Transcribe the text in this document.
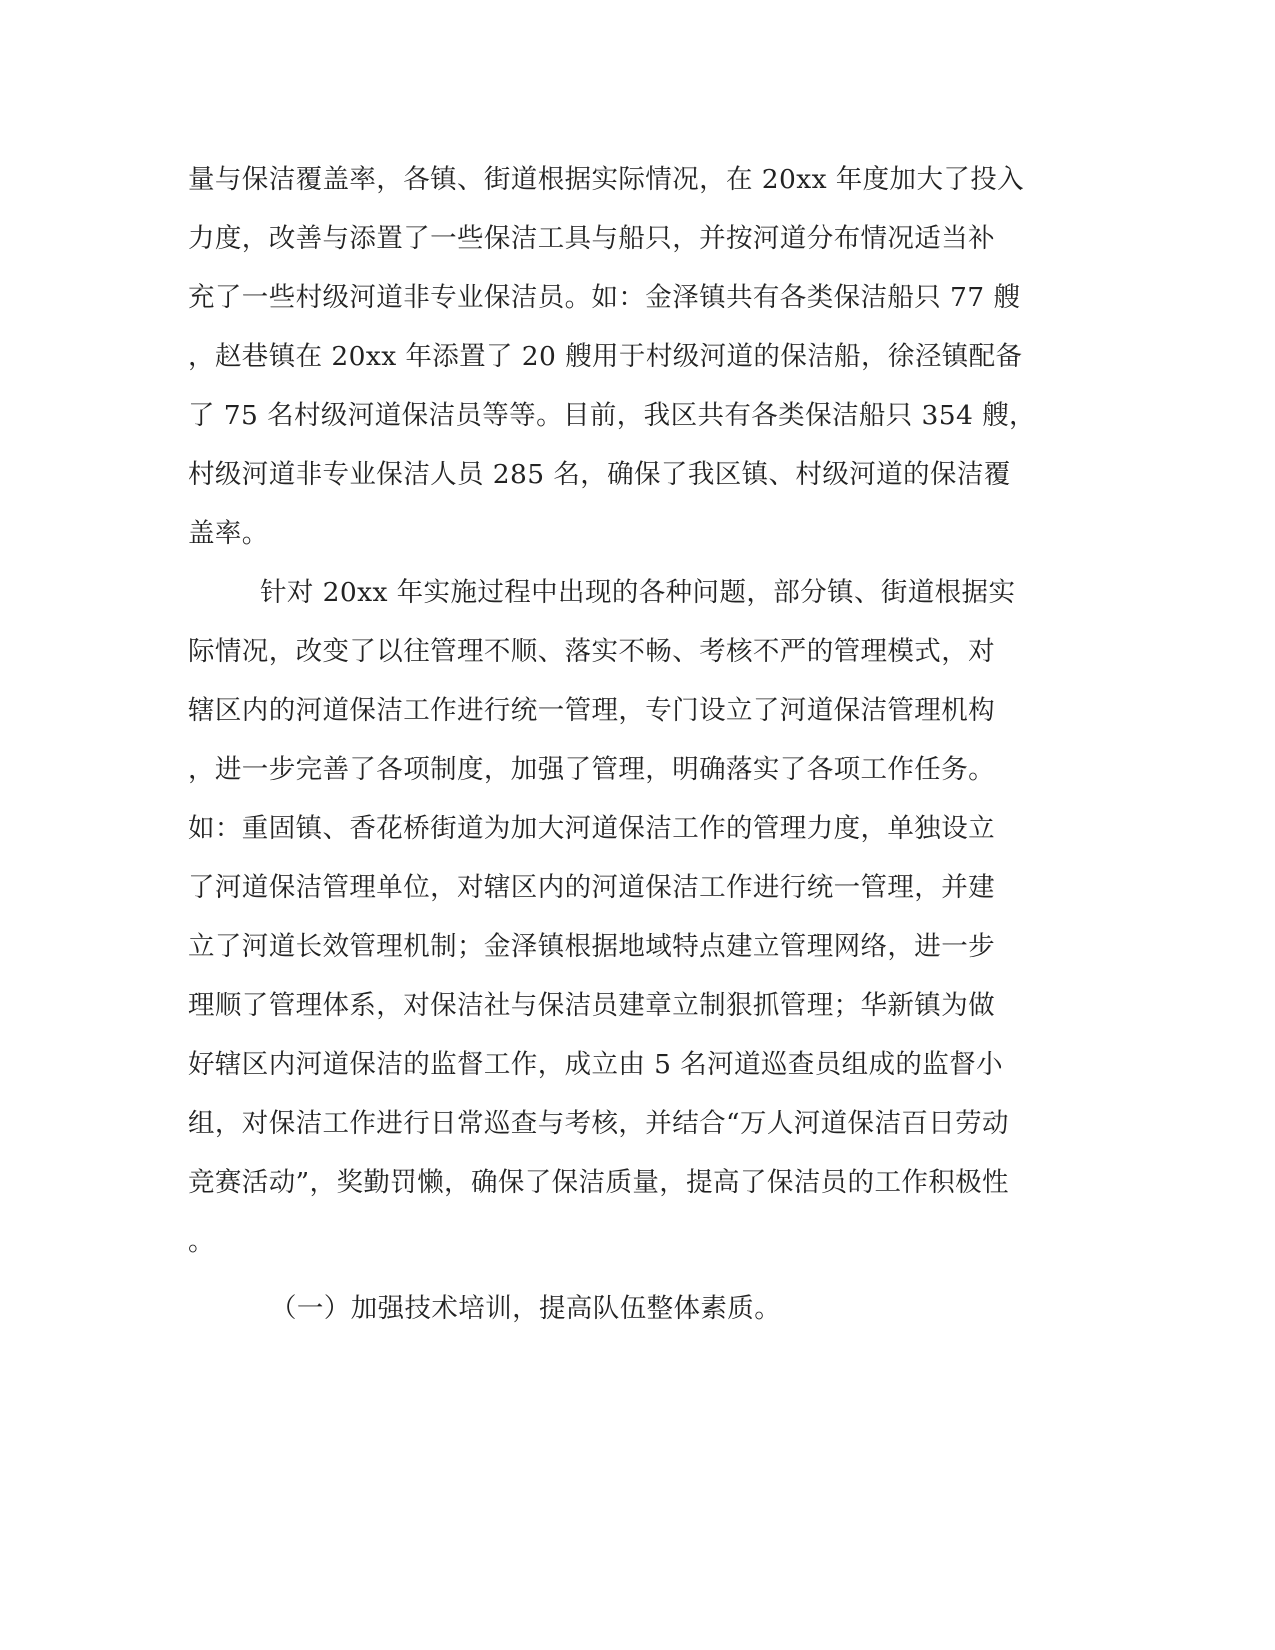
量与保洁覆盖率，各镇、街道根据实际情况，在 20xx 年度加大了投入
力度，改善与添置了一些保洁工具与船只，并按河道分布情况适当补
充了一些村级河道非专业保洁员。如：金泽镇共有各类保洁船只 77 艘
，赵巷镇在 20xx 年添置了 20 艘用于村级河道的保洁船，徐泾镇配备
了 75 名村级河道保洁员等等。目前，我区共有各类保洁船只 354 艘，
村级河道非专业保洁人员 285 名，确保了我区镇、村级河道的保洁覆
盖率。
针对 20xx 年实施过程中出现的各种问题，部分镇、街道根据实
际情况，改变了以往管理不顺、落实不畅、考核不严的管理模式，对
辖区内的河道保洁工作进行统一管理，专门设立了河道保洁管理机构
，进一步完善了各项制度，加强了管理，明确落实了各项工作任务。
如：重固镇、香花桥街道为加大河道保洁工作的管理力度，单独设立
了河道保洁管理单位，对辖区内的河道保洁工作进行统一管理，并建
立了河道长效管理机制；金泽镇根据地域特点建立管理网络，进一步
理顺了管理体系，对保洁社与保洁员建章立制狠抓管理；华新镇为做
好辖区内河道保洁的监督工作，成立由 5 名河道巡查员组成的监督小
组，对保洁工作进行日常巡查与考核，并结合“万人河道保洁百日劳动
竞赛活动”，奖勤罚懒，确保了保洁质量，提高了保洁员的工作积极性
。
（一）加强技术培训，提高队伍整体素质。
